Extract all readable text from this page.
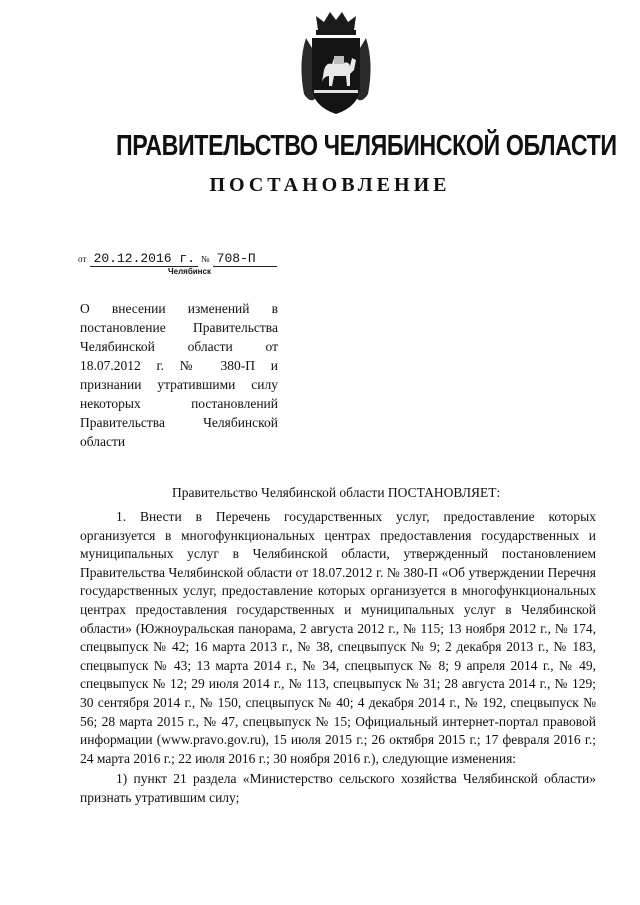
ПРАВИТЕЛЬСТВО ЧЕЛЯБИНСКОЙ ОБЛАСТИ
ПОСТАНОВЛЕНИЕ
от 20.12.2016 г. № 708-П
Челябинск
О внесении изменений в постановление Правительства Челябинской области от 18.07.2012 г. № 380-П и признании утратившими силу некоторых постановлений Правительства Челябинской области
Правительство Челябинской области ПОСТАНОВЛЯЕТ:

1. Внести в Перечень государственных услуг, предоставление которых организуется в многофункциональных центрах предоставления государственных и муниципальных услуг в Челябинской области, утвержденный постановлением Правительства Челябинской области от 18.07.2012 г. № 380-П «Об утверждении Перечня государственных услуг, предоставление которых организуется в многофункциональных центрах предоставления государственных и муниципальных услуг в Челябинской области» (Южноуральская панорама, 2 августа 2012 г., № 115; 13 ноября 2012 г., № 174, спецвыпуск № 42; 16 марта 2013 г., № 38, спецвыпуск № 9; 2 декабря 2013 г., № 183, спецвыпуск № 43; 13 марта 2014 г., № 34, спецвыпуск № 8; 9 апреля 2014 г., № 49, спецвыпуск № 12; 29 июля 2014 г., № 113, спецвыпуск № 31; 28 августа 2014 г., № 129; 30 сентября 2014 г., № 150, спецвыпуск № 40; 4 декабря 2014 г., № 192, спецвыпуск № 56; 28 марта 2015 г., № 47, спецвыпуск № 15; Официальный интернет-портал правовой информации (www.pravo.gov.ru), 15 июля 2015 г.; 26 октября 2015 г.; 17 февраля 2016 г.; 24 марта 2016 г.; 22 июля 2016 г.; 30 ноября 2016 г.), следующие изменения:

1) пункт 21 раздела «Министерство сельского хозяйства Челябинской области» признать утратившим силу;
